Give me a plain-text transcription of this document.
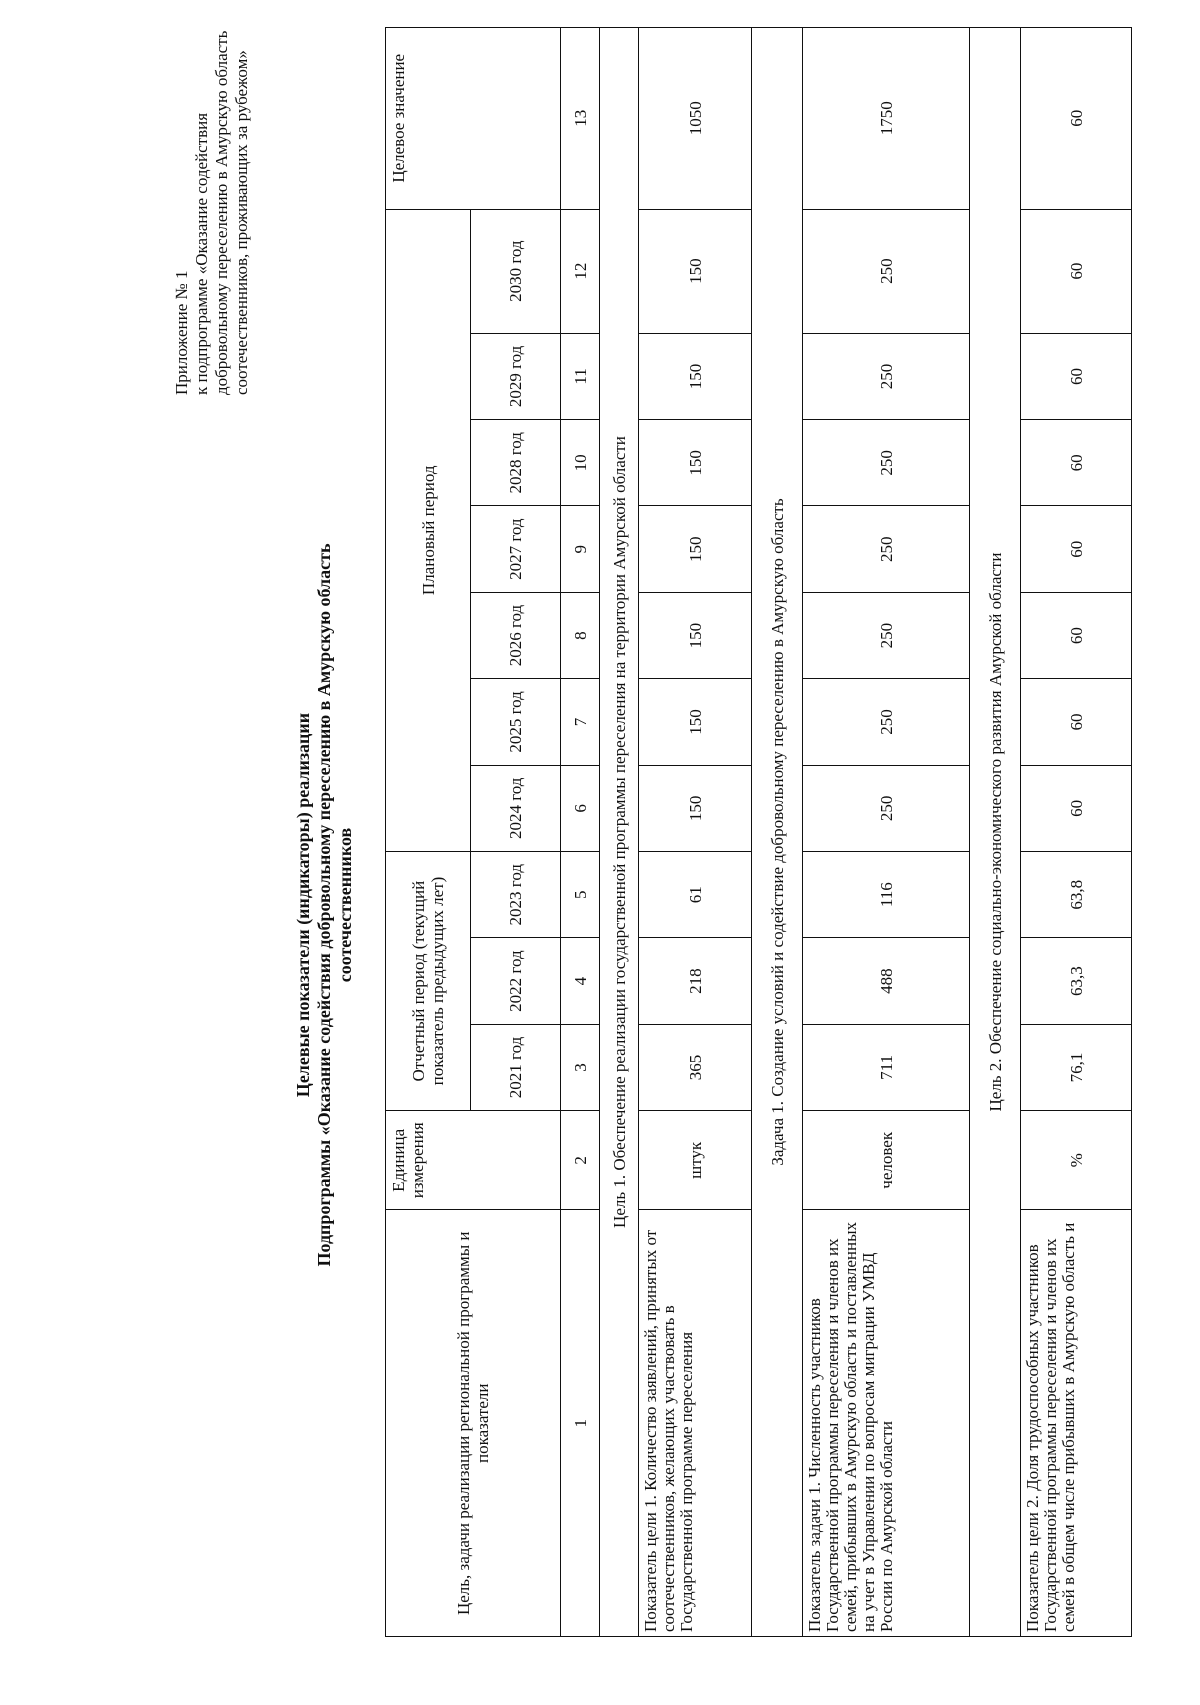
Приложение № 1 к подпрограмме «Оказание содействия добровольному переселению в Амурскую область соотечественников, проживающих за рубежом»
Целевые показатели (индикаторы) реализации Подпрограммы «Оказание содействия добровольному переселению в Амурскую область соотечественников
Цель, задачи реализации региональной программы и показатели	Единица измерения	Отчетный период (текущий показатель предыдущих лет)			Плановый период							Целевое значение
		2021 год	2022 год	2023 год	2024 год	2025 год	2026 год	2027 год	2028 год	2029 год	2030 год	
1	2	3	4	5	6	7	8	9	10	11	12	13
Цель 1. Обеспечение реализации государственной программы переселения на территории Амурской области												
Показатель цели 1. Количество заявлений, принятых от соотечественников, желающих участвовать в Государственной программе переселения	штук	365	218	61	150	150	150	150	150	150	150	1050
Задача 1. Создание условий и содействие добровольному переселению в Амурскую область												
Показатель задачи 1. Численность участников Государственной программы переселения и членов их семей, прибывших в Амурскую область и поставленных на учет в Управлении по вопросам миграции УМВД России по Амурской области	человек	711	488	116	250	250	250	250	250	250	250	1750
Цель 2. Обеспечение социально-экономического развития Амурской области												
Показатель цели 2. Доля трудоспособных участников Государственной программы переселения и членов их семей в общем числе прибывших в Амурскую область и	%	76,1	63,3	63,8	60	60	60	60	60	60	60	60
